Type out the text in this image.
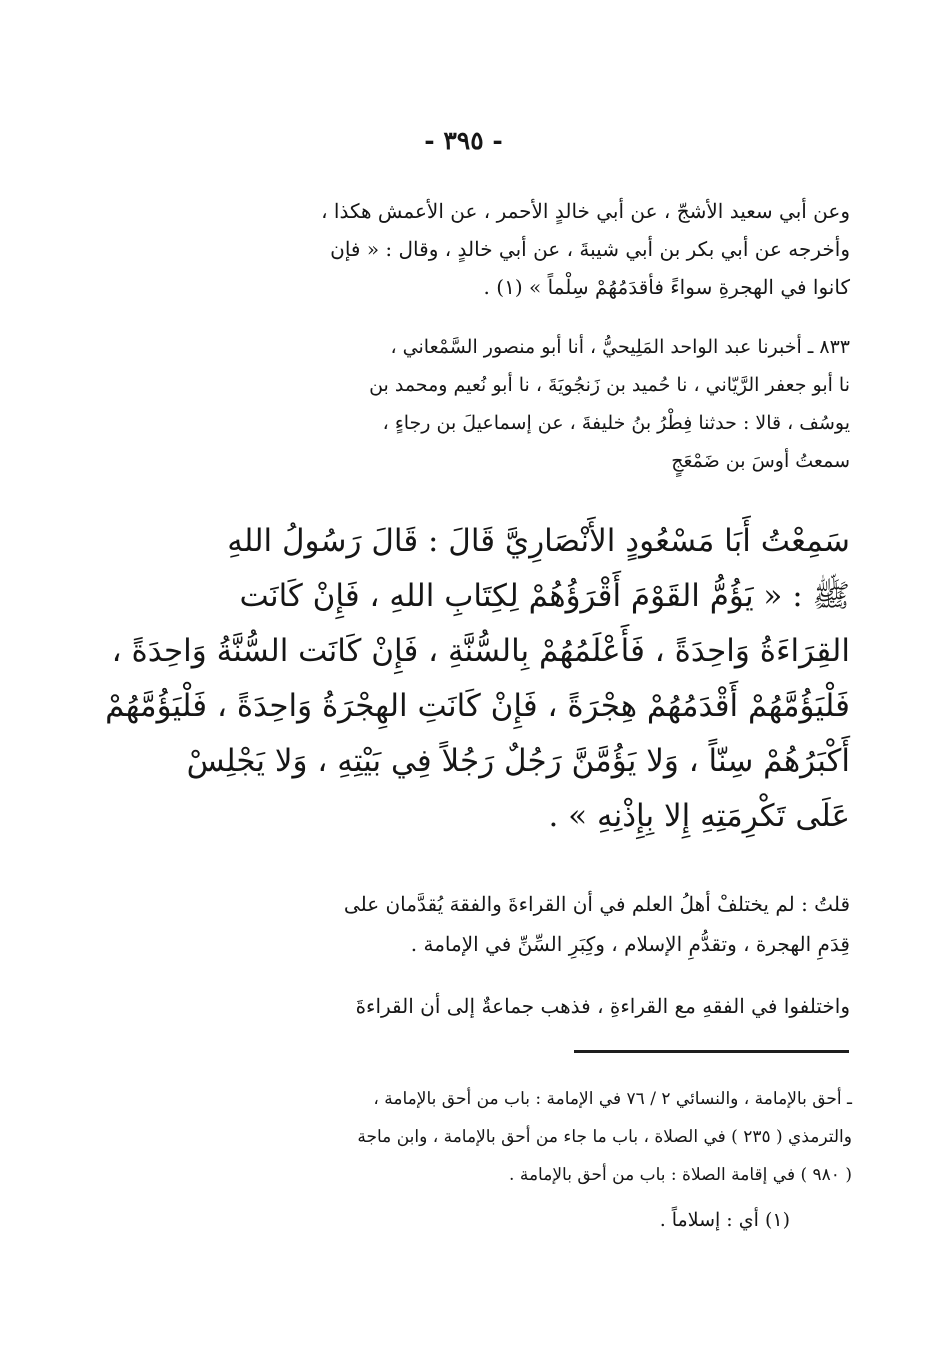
- ٣٩٥ -
وعن أبي سعيد الأشجّ ، عن أبي خالدٍ الأحمر ، عن الأعمش هكذا ،
وأخرجه عن أبي بكر بن أبي شيبةَ ، عن أبي خالدٍ ، وقال : « فإن
كانوا في الهجرةِ سواءً فأقدَمُهُمْ سِلْماً » (١) .
٨٣٣ ـ أخبرنا عبد الواحد المَلِيحيُّ ، أنا أبو منصور السَّمْعاني ،
نا أبو جعفر الرَّيّاني ، نا حُميد بن زَنجُويَةَ ، نا أبو نُعيم ومحمد بن
يوسُف ، قالا : حدثنا فِطْرُ بنُ خليفةَ ، عن إسماعيلَ بن رجاءٍ ،
سمعتُ أوسَ بن ضَمْعَجٍ
سَمِعْتُ أَبَا مَسْعُودٍ الأَنْصَارِيَّ قَالَ : قَالَ رَسُولُ اللهِ
ﷺ : « يَؤُمُّ القَوْمَ أَقْرَؤُهُمْ لِكِتَابِ اللهِ ، فَإِنْ كَانَت
القِرَاءَةُ وَاحِدَةً ، فَأَعْلَمُهُمْ بِالسُّنَّةِ ، فَإِنْ كَانَت السُّنَّةُ وَاحِدَةً ،
فَلْيَؤُمَّهُمْ أَقْدَمُهُمْ هِجْرَةً ، فَإِنْ كَانَتِ الهِجْرَةُ وَاحِدَةً ، فَلْيَؤُمَّهُمْ
أَكْبَرُهُمْ سِنّاً ، وَلا يَؤُمَّنَّ رَجُلٌ رَجُلاً فِي بَيْتِهِ ، وَلا يَجْلِسْ
عَلَى تَكْرِمَتِهِ إِلا بِإِذْنِهِ » .
قلتُ : لم يختلفْ أهلُ العلم في أن القراءةَ والفقهَ يُقدَّمان على
قِدَمِ الهجرة ، وتقدُّمِ الإسلام ، وكِبَرِ السِّنِّ في الإمامة .
واختلفوا في الفقهِ مع القراءةِ ، فذهب جماعةٌ إلى أن القراءةَ
ـ أحق بالإمامة ، والنسائي ٢ / ٧٦ في الإمامة : باب من أحق بالإمامة ،
والترمذي ( ٢٣٥ ) في الصلاة ، باب ما جاء من أحق بالإمامة ، وابن ماجة
( ٩٨٠ ) في إقامة الصلاة : باب من أحق بالإمامة .
(١) أي : إسلاماً .
